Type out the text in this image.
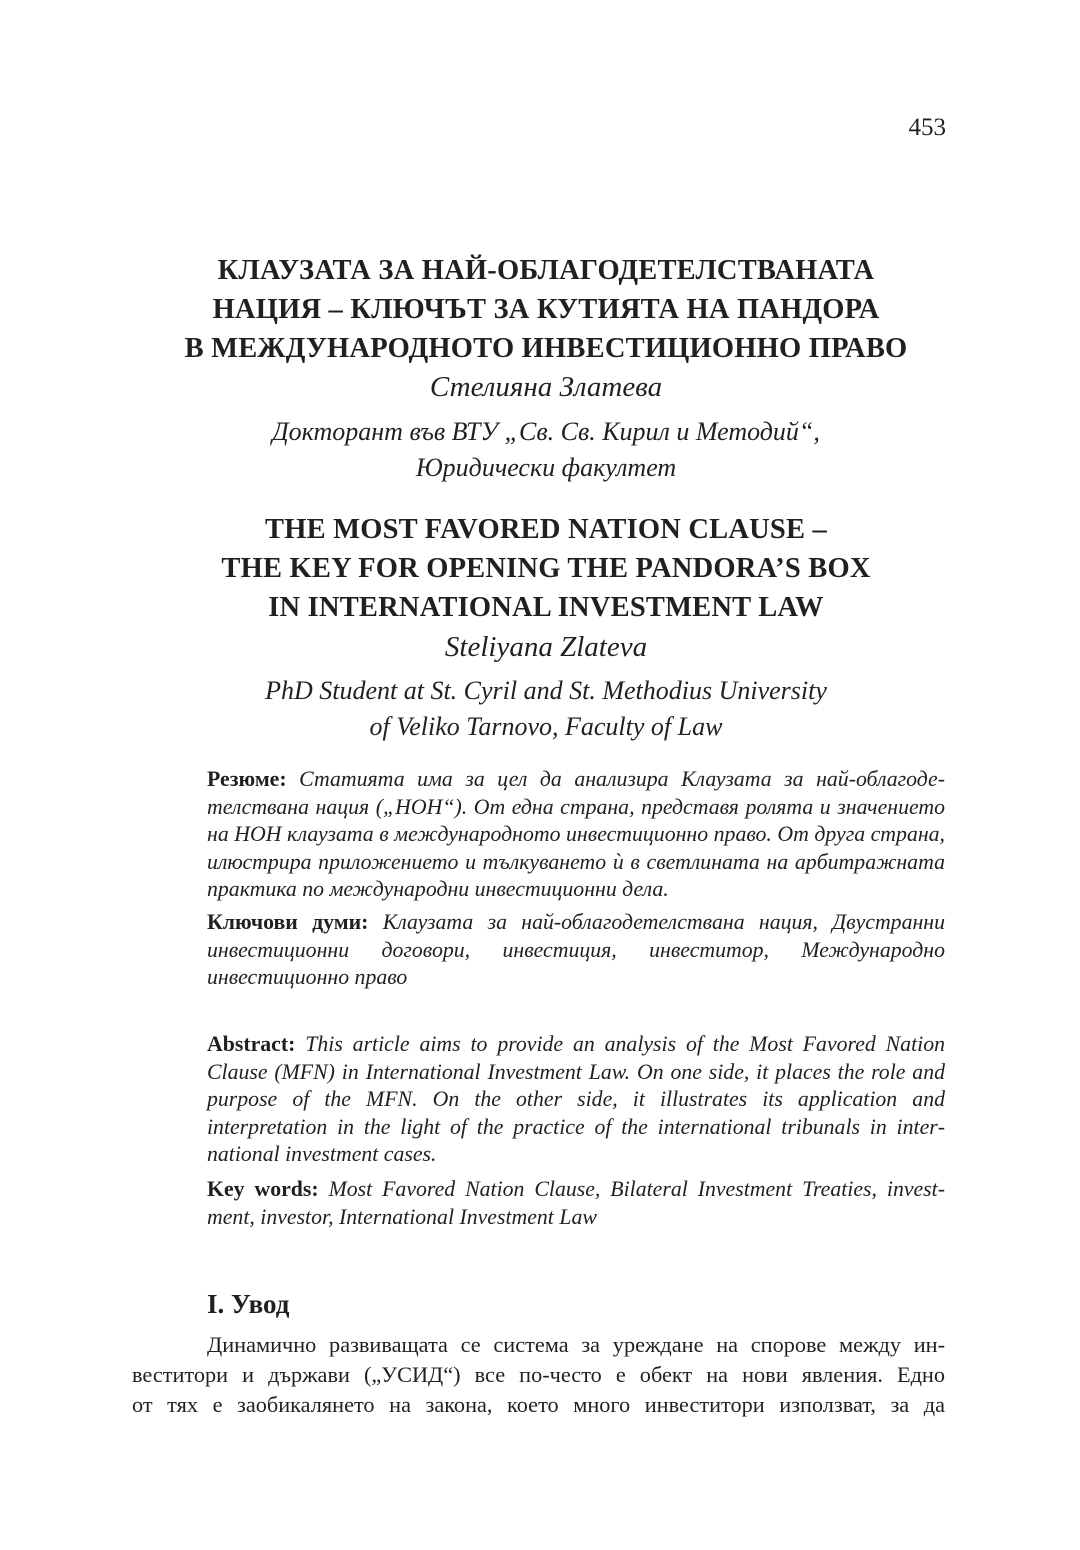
453
КЛАУЗАТА ЗА НАЙ-ОБЛАГОДЕТЕЛСТВАНАТА
НАЦИЯ – КЛЮЧЪТ ЗА КУТИЯТА НА ПАНДОРА
В МЕЖДУНАРОДНОТО ИНВЕСТИЦИОННО ПРАВО
Стелияна Златева
Докторант във ВТУ „Св. Св. Кирил и Методий“,
Юридически факултет
THE MOST FAVORED NATION CLAUSE –
THE KEY FOR OPENING THE PANDORA’S BOX
IN INTERNATIONAL INVESTMENT LAW
Steliyana Zlateva
PhD Student at St. Cyril and St. Methodius University
of Veliko Tarnovo, Faculty of Law
Резюме: Статията има за цел да анализира Клаузата за най-облагодетелствана нация („НОН“). От една страна, представя ролята и значението на НОН клаузата в международното инвестиционно право. От друга страна, илюстрира приложението и тълкуването ѝ в светлината на арбитражната практика по международни инвестиционни дела.
Ключови думи: Клаузата за най-облагодетелствана нация, Двустранни инвестиционни договори, инвестиция, инвеститор, Международно инвестиционно право
Abstract: This article aims to provide an analysis of the Most Favored Nation Clause (MFN) in International Investment Law. On one side, it places the role and purpose of the MFN. On the other side, it illustrates its application and interpretation in the light of the practice of the international tribunals in international investment cases.
Key words: Most Favored Nation Clause, Bilateral Investment Treaties, investment, investor, International Investment Law
I. Увод
Динамично развиващата се система за уреждане на спорове между ин-
веститори и държави („УСИД“) все по-често е обект на нови явления. Едно
от тях е заобикалянето на закона, което много инвеститори използват, за да
